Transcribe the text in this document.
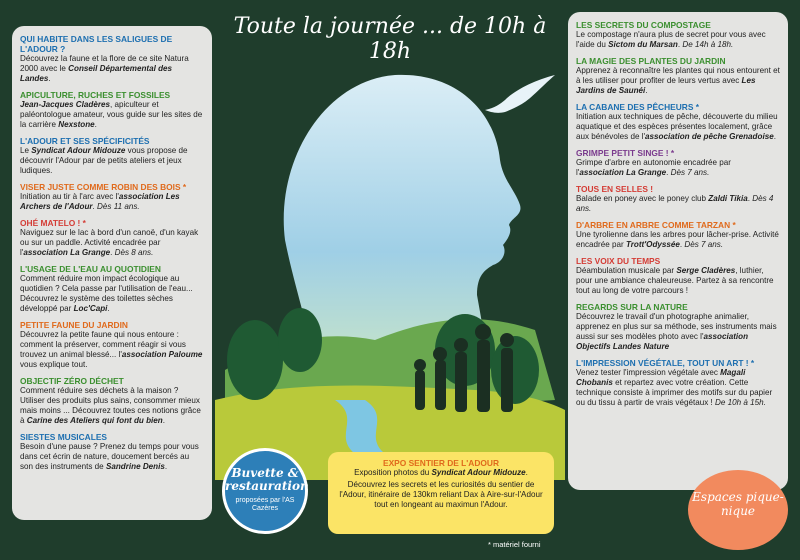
Toute la journée ... de 10h à 18h
QUI HABITE DANS LES SALIGUES DE L'ADOUR ?
Découvrez la faune et la flore de ce site Natura 2000 avec le Conseil Départemental des Landes.
APICULTURE, RUCHES ET FOSSILES
Jean-Jacques Cladères, apiculteur et paléontologue amateur, vous guide sur les sites de la carrière Nexstone.
L'ADOUR ET SES SPÉCIFICITÉS
Le Syndicat Adour Midouze vous propose de découvrir l'Adour par de petits ateliers et jeux ludiques.
VISER JUSTE COMME ROBIN DES BOIS *
Initiation au tir à l'arc avec l'association Les Archers de l'Adour. Dès 11 ans.
OHÉ MATELO ! *
Naviguez sur le lac à bord d'un canoë, d'un kayak ou sur un paddle. Activité encadrée par l'association La Grange. Dès 8 ans.
L'USAGE DE L'EAU AU QUOTIDIEN
Comment réduire mon impact écologique au quotidien ? Cela passe par l'utilisation de l'eau... Découvrez le système des toilettes sèches développé par Loc'Capi.
PETITE FAUNE DU JARDIN
Découvrez la petite faune qui nous entoure : comment la préserver, comment réagir si vous trouvez un animal blessé... l'association Paloume vous explique tout.
OBJECTIF ZÉRO DÉCHET
Comment réduire ses déchets à la maison ? Utiliser des produits plus sains, consommer mieux mais moins ... Découvrez toutes ces notions grâce à Carine des Ateliers qui font du bien.
SIESTES MUSICALES
Besoin d'une pause ? Prenez du temps pour vous dans cet écrin de nature, doucement bercés au son des instruments de Sandrine Denis.
LES SECRETS DU COMPOSTAGE
Le compostage n'aura plus de secret pour vous avec l'aide du Sictom du Marsan. De 14h à 18h.
LA MAGIE DES PLANTES DU JARDIN
Apprenez à reconnaître les plantes qui nous entourent et à les utiliser pour profiter de leurs vertus avec Les Jardins de Saunéi.
LA CABANE DES PÊCHEURS *
Initiation aux techniques de pêche, découverte du milieu aquatique et des espèces présentes localement, grâce aux bénévoles de l'association de pêche Grenadoise.
GRIMPE PETIT SINGE ! *
Grimpe d'arbre en autonomie encadrée par l'association La Grange. Dès 7 ans.
TOUS EN SELLES !
Balade en poney avec le poney club Zaldi Tikia. Dès 4 ans.
D'ARBRE EN ARBRE COMME TARZAN *
Une tyrolienne dans les arbres pour lâcher-prise. Activité encadrée par Trott'Odyssée. Dès 7 ans.
LES VOIX DU TEMPS
Déambulation musicale par Serge Cladères, luthier, pour une ambiance chaleureuse. Partez à sa rencontre tout au long de votre parcours !
REGARDS SUR LA NATURE
Découvrez le travail d'un photographe animalier, apprenez en plus sur sa méthode, ses instruments mais aussi sur ses modèles photo avec l'association Objectifs Landes Nature
L'IMPRESSION VÉGÉTALE, TOUT UN ART ! *
Venez tester l'impression végétale avec Magali Chobanis et repartez avec votre création. Cette technique consiste à imprimer des motifs sur du papier ou du tissu à partir de vrais végétaux ! De 10h à 15h.
EXPO SENTIER DE L'ADOUR
Exposition photos du Syndicat Adour Midouze.
Découvrez les secrets et les curiosités du sentier de l'Adour, itinéraire de 130km reliant Dax à Aire-sur-l'Adour tout en longeant au maximun l'Adour.
Buvette & restauration
proposées par l'AS Cazères
Espaces pique-nique
* matériel fourni
